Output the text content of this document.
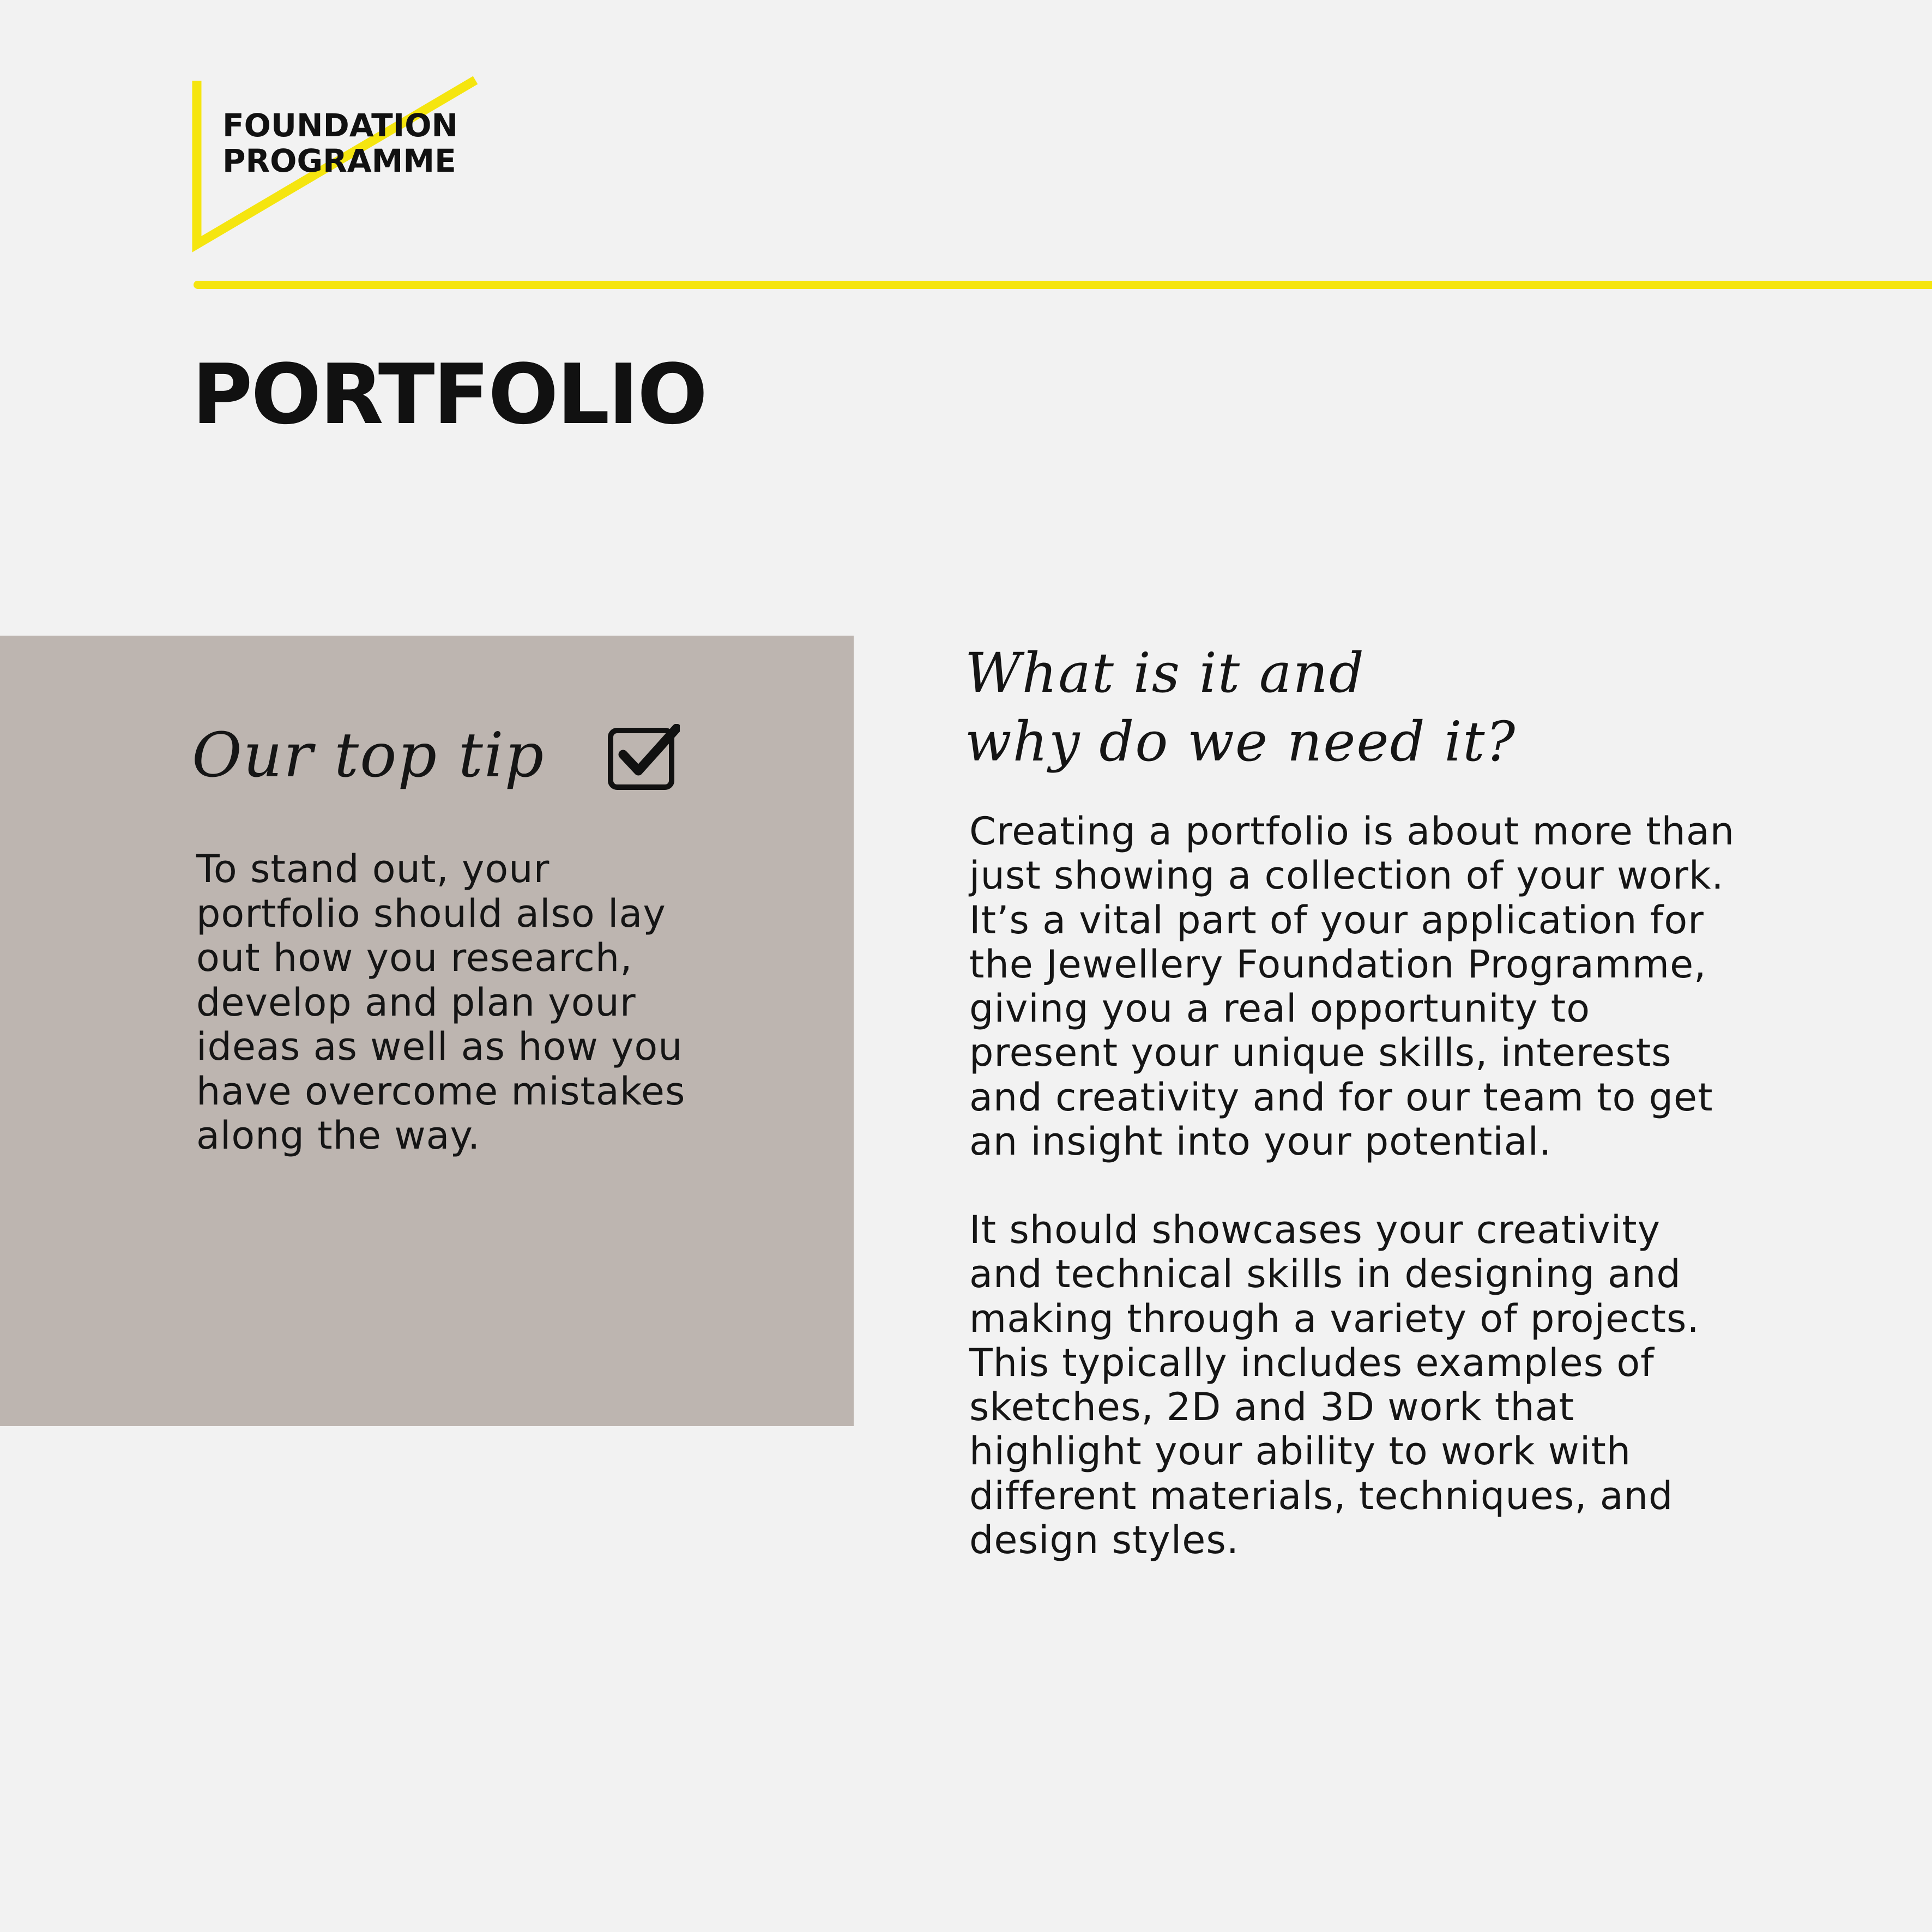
FOUNDATION
PROGRAMME

PORTFOLIO
Our top tip

To stand out, your
portfolio should also lay
out how you research,
develop and plan your
ideas as well as how you
have overcome mistakes
along the way.

What is it and
why do we need it?

Creating a portfolio is about more than
just showing a collection of your work.
It’s a vital part of your application for
the Jewellery Foundation Programme,
giving you a real opportunity to
present your unique skills, interests
and creativity and for our team to get
an insight into your potential.

It should showcases your creativity
and technical skills in designing and
making through a variety of projects.
This typically includes examples of
sketches, 2D and 3D work that
highlight your ability to work with
different materials, techniques, and
design styles.
